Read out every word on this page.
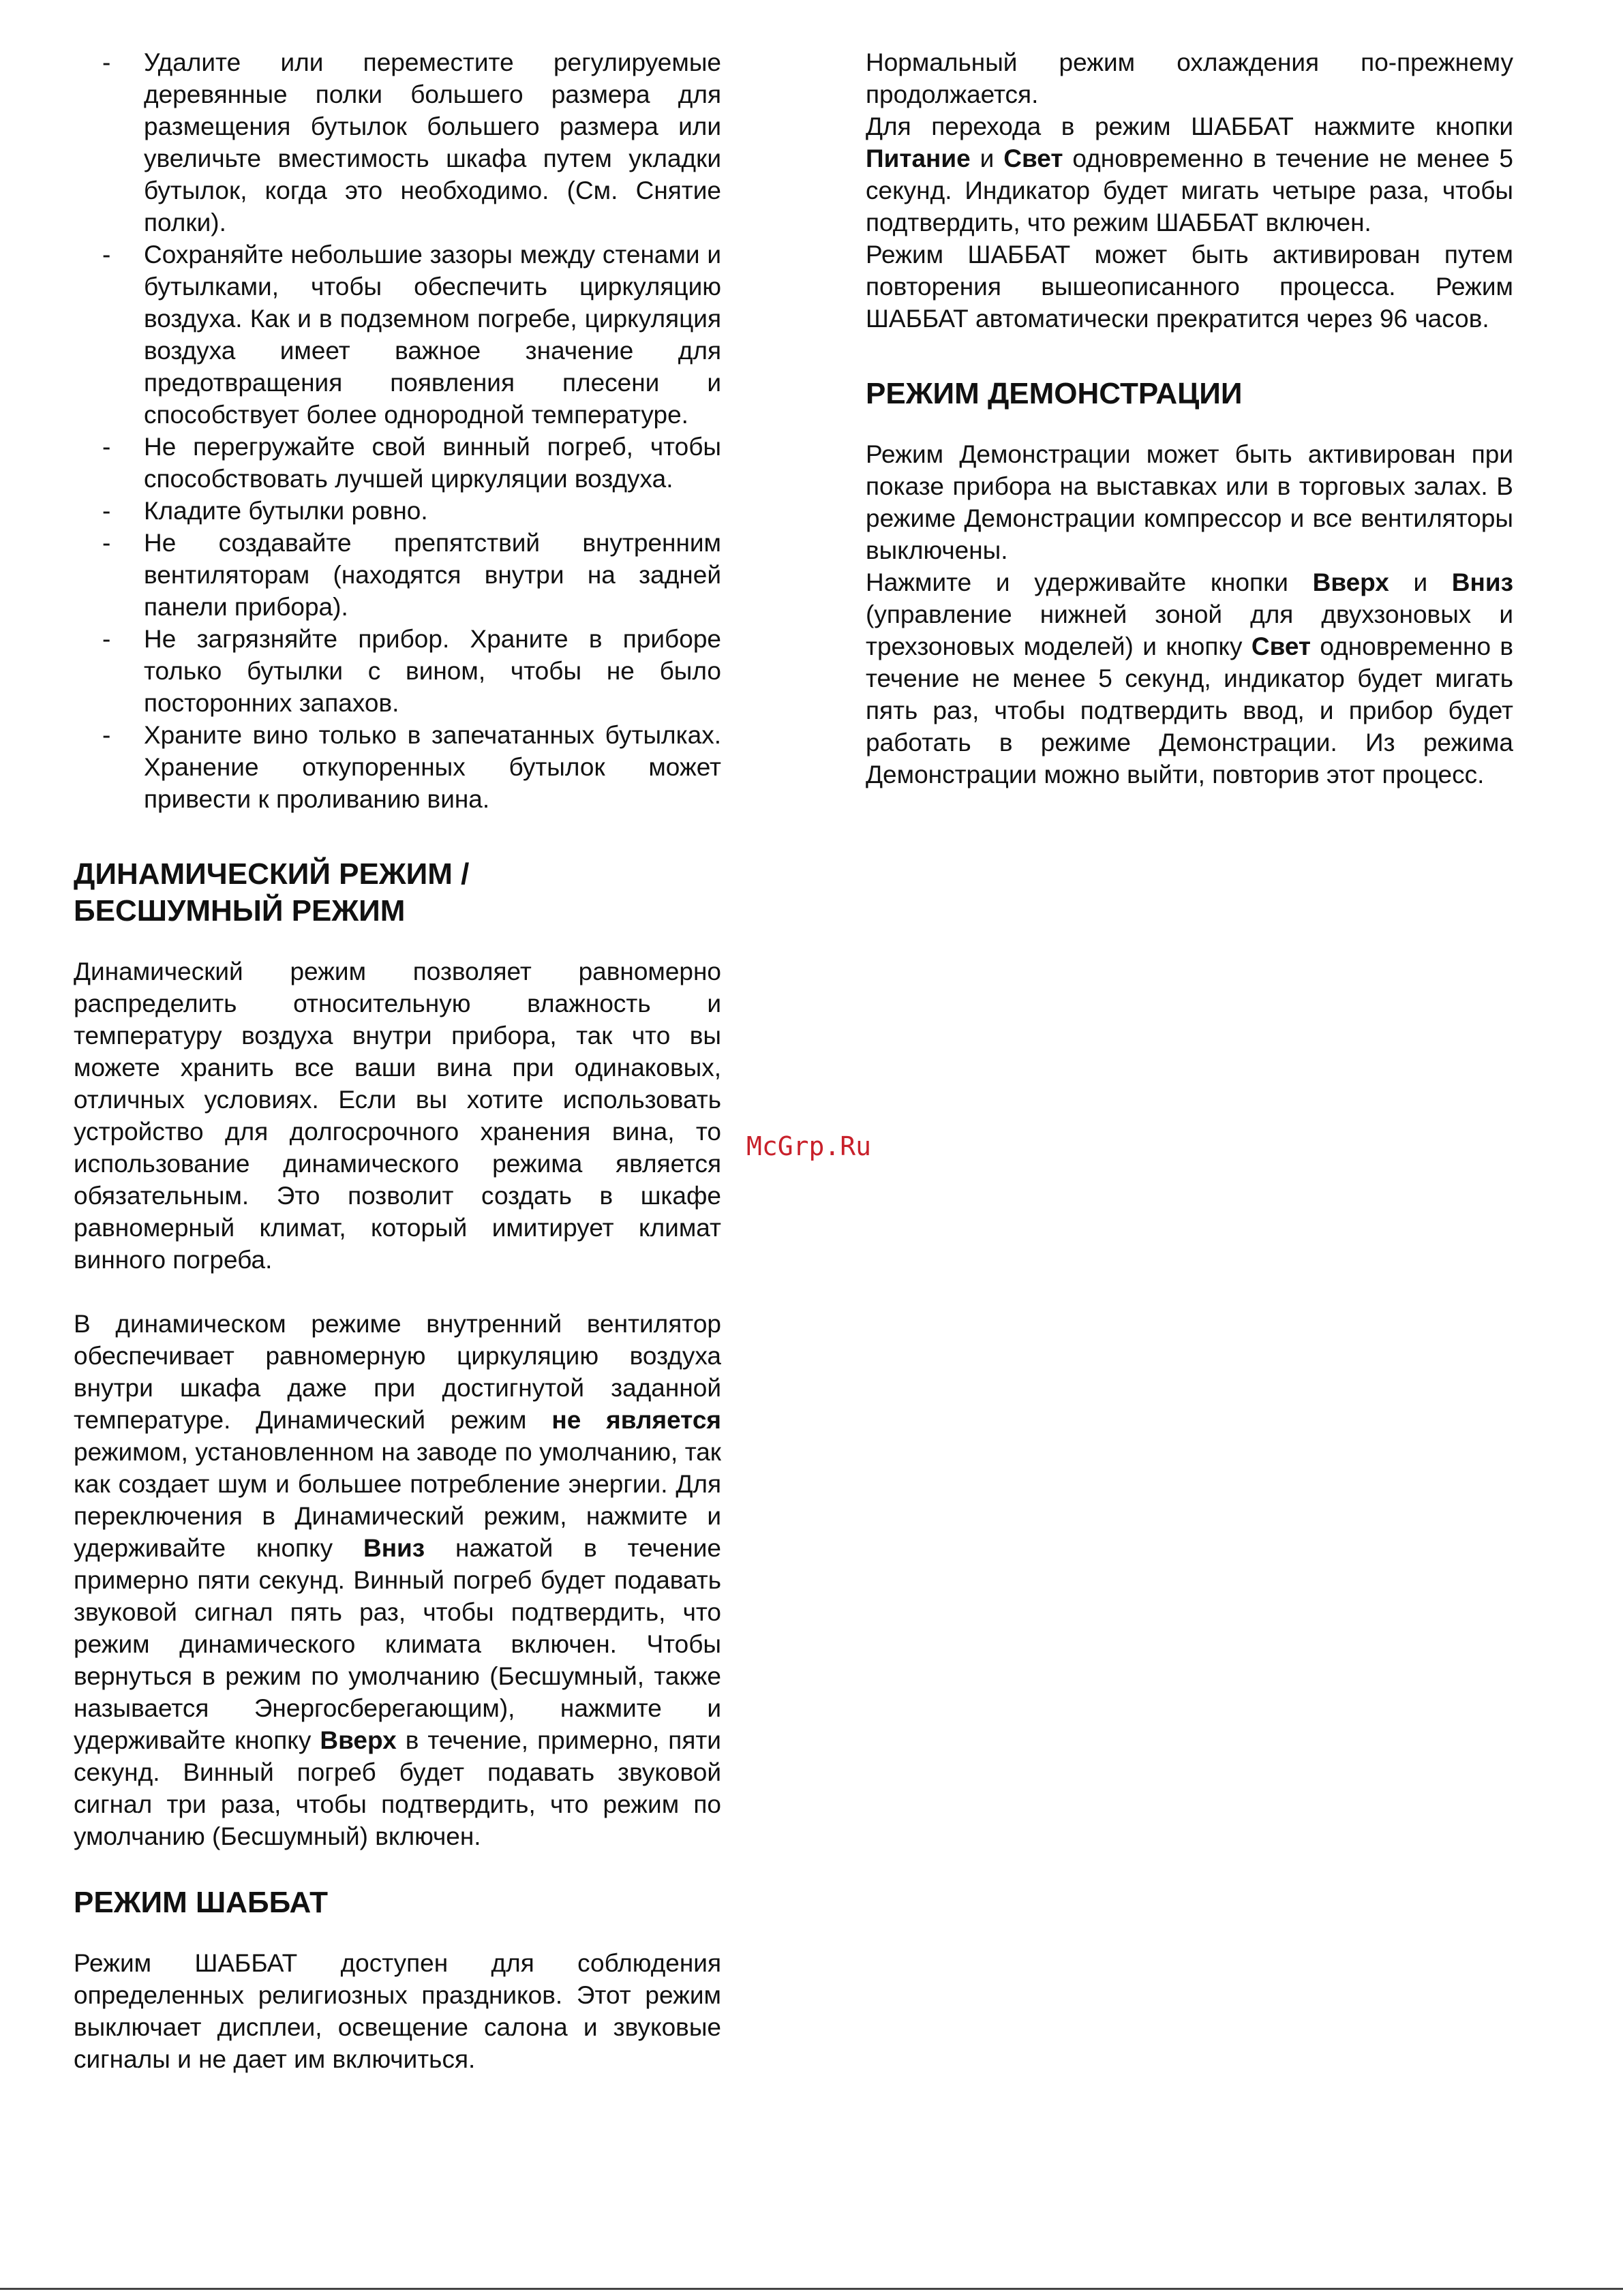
- Удалите или переместите регулируемые деревянные полки большего размера для размещения бутылок большего размера или увеличьте вместимость шкафа путем укладки бутылок, когда это необходимо. (См. Снятие полки).
- Сохраняйте небольшие зазоры между стенами и бутылками, чтобы обеспечить циркуляцию воздуха. Как и в подземном погребе, циркуляция воздуха имеет важное значение для предотвращения появления плесени и способствует более однородной температуре.
- Не перегружайте свой винный погреб, чтобы способствовать лучшей циркуляции воздуха.
- Кладите бутылки ровно.
- Не создавайте препятствий внутренним вентиляторам (находятся внутри на задней панели прибора).
- Не загрязняйте прибор. Храните в приборе только бутылки с вином, чтобы не было посторонних запахов.
- Храните вино только в запечатанных бутылках. Хранение откупоренных бутылок может привести к проливанию вина.
ДИНАМИЧЕСКИЙ РЕЖИМ /
БЕСШУМНЫЙ РЕЖИМ

Динамический режим позволяет равномерно распределить относительную влажность и температуру воздуха внутри прибора, так что вы можете хранить все ваши вина при одинаковых, отличных условиях. Если вы хотите использовать устройство для долгосрочного хранения вина, то использование динамического режима является обязательным. Это позволит создать в шкафе равномерный климат, который имитирует климат винного погреба.

В динамическом режиме внутренний вентилятор обеспечивает равномерную циркуляцию воздуха внутри шкафа даже при достигнутой заданной температуре. Динамический режим не является режимом, установленном на заводе по умолчанию, так как создает шум и большее потребление энергии. Для переключения в Динамический режим, нажмите и удерживайте кнопку Вниз нажатой в течение примерно пяти секунд. Винный погреб будет подавать звуковой сигнал пять раз, чтобы подтвердить, что режим динамического климата включен. Чтобы вернуться в режим по умолчанию (Бесшумный, также называется Энергосберегающим), нажмите и удерживайте кнопку Вверх в течение, примерно, пяти секунд. Винный погреб будет подавать звуковой сигнал три раза, чтобы подтвердить, что режим по умолчанию (Бесшумный) включен.

РЕЖИМ ШАББАТ

Режим ШАББАТ доступен для соблюдения определенных религиозных праздников. Этот режим выключает дисплеи, освещение салона и звуковые сигналы и не дает им включиться.

Нормальный режим охлаждения по-прежнему продолжается.

Для перехода в режим ШАББАТ нажмите кнопки Питание и Свет одновременно в течение не менее 5 секунд. Индикатор будет мигать четыре раза, чтобы подтвердить, что режим ШАББАТ включен.

Режим ШАББАТ может быть активирован путем повторения вышеописанного процесса. Режим ШАББАТ автоматически прекратится через 96 часов.

РЕЖИМ ДЕМОНСТРАЦИИ

Режим Демонстрации может быть активирован при показе прибора на выставках или в торговых залах. В режиме Демонстрации компрессор и все вентиляторы выключены.

Нажмите и удерживайте кнопки Вверх и Вниз (управление нижней зоной для двухзоновых и трехзоновых моделей) и кнопку Свет одновременно в течение не менее 5 секунд, индикатор будет мигать пять раз, чтобы подтвердить ввод, и прибор будет работать в режиме Демонстрации. Из режима Демонстрации можно выйти, повторив этот процесс.

McGrp.Ru
